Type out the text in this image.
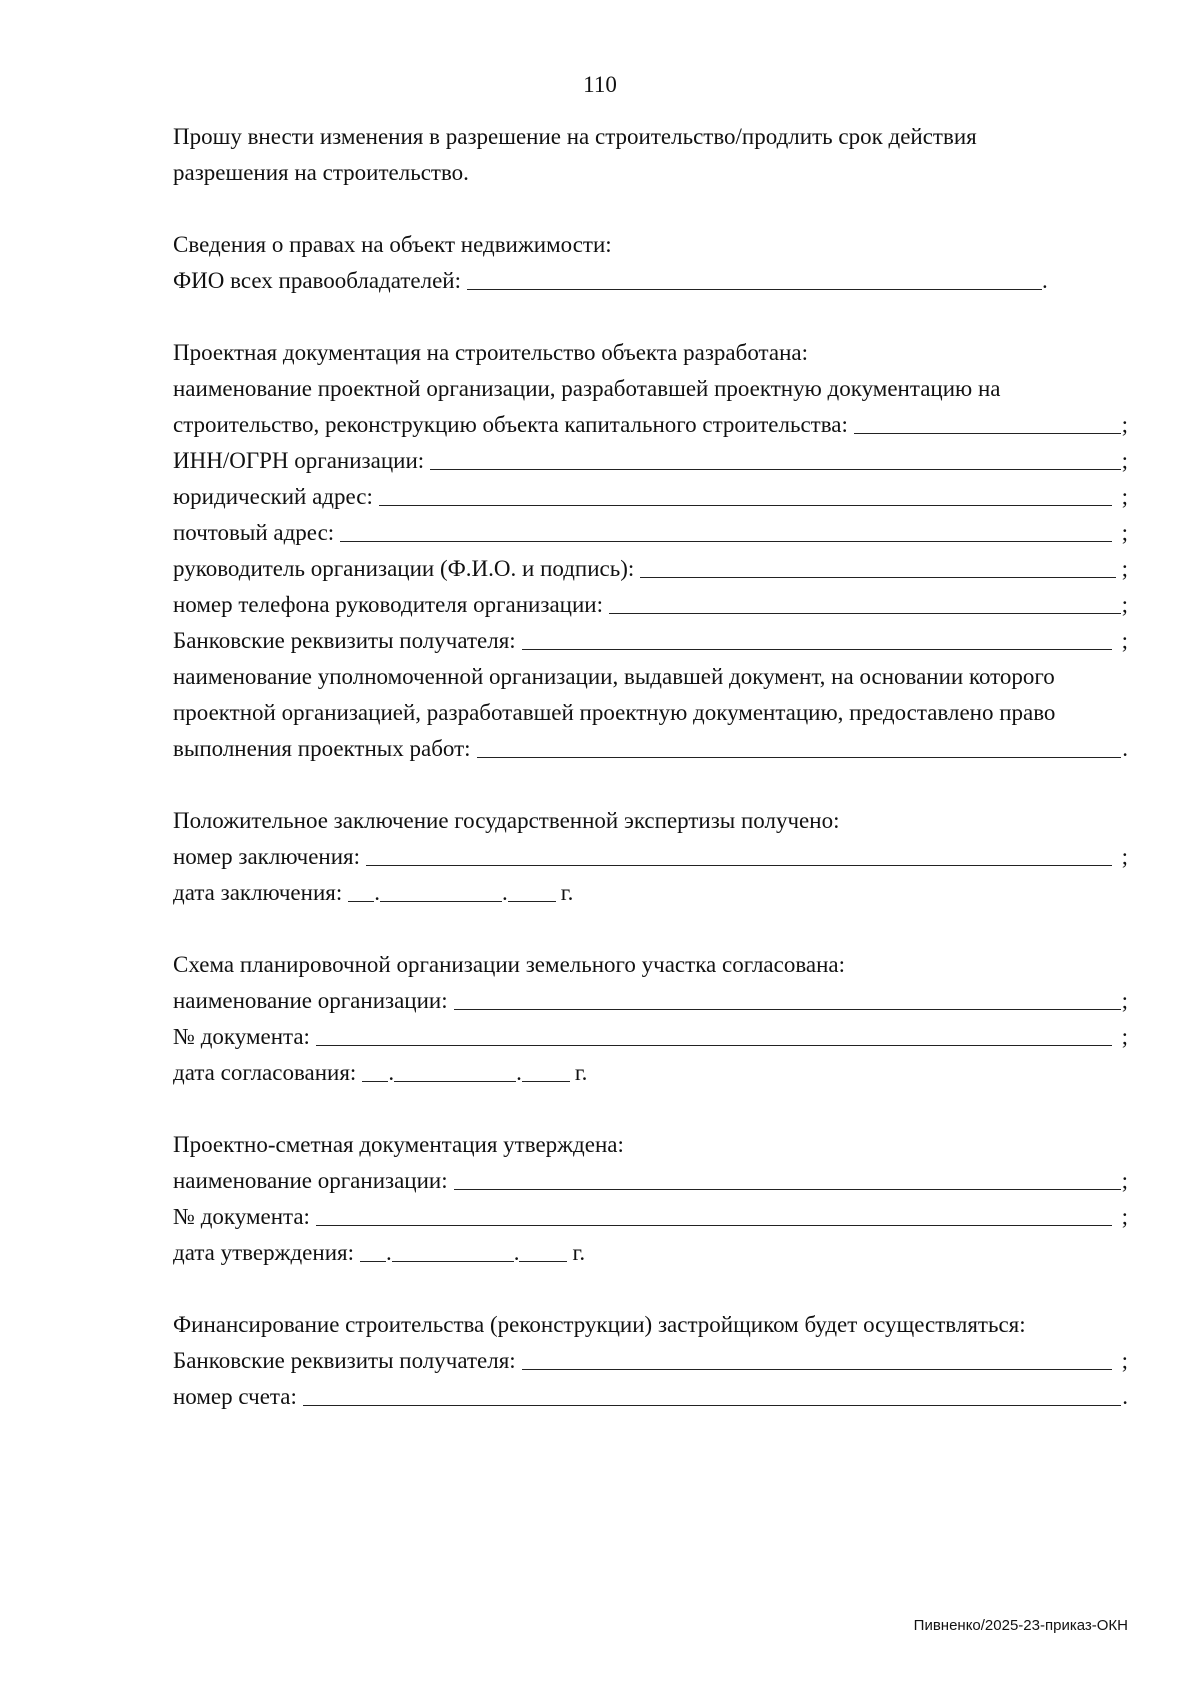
110
Прошу внести изменения в разрешение на строительство/продлить срок действия
разрешения на строительство.
Сведения о правах на объект недвижимости:
ФИО всех правообладателей:	.
Проектная документация на строительство объекта разработана:
наименование проектной организации, разработавшей проектную документацию на
строительство, реконструкцию объекта капитального строительства:	;
ИНН/ОГРН организации:	;
юридический адрес:	;
почтовый адрес:	;
руководитель организации (Ф.И.О. и подпись):	;
номер телефона руководителя организации:	;
Банковские реквизиты получателя:	;
наименование уполномоченной организации, выдавшей документ, на основании которого
проектной организацией, разработавшей проектную документацию, предоставлено право
выполнения проектных работ:	.
Положительное заключение государственной экспертизы получено:
номер заключения:	;
дата заключения: .	. г.
Схема планировочной организации земельного участка согласована:
наименование организации:	;
№ документа:	;
дата согласования: .	. г.
Проектно-сметная документация утверждена:
наименование организации:	;
№ документа:	;
дата утверждения: .	. г.
Финансирование строительства (реконструкции) застройщиком будет осуществляться:
Банковские реквизиты получателя:	;
номер счета:	.
Пивненко/2025-23-приказ-ОКН
